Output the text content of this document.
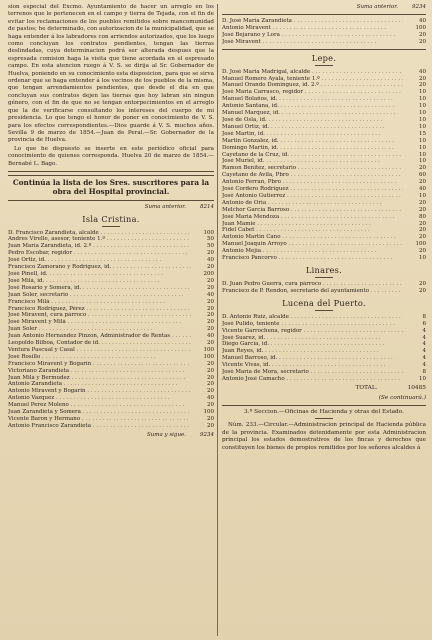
sion especial del Excmo. Ayuntamiento de hacer un arreglo en los terrenos que le pertenecen en el campo y tierra de Tejada, con el fin de evitar los reclamaciones de los pueblos remitidos sobre mancomunidad de pastos; he determinado, con autorizacion de la municipalidad, que se haga entender á los labradores con arriendos autorizados, que los luego como concluyan los contratos pendientes, tengan las tierras deslindadas, cuya determinacion podrá ser alterada despues que la espresada comision haga la visita que tiene acordada en el espresado campo. En esta atencion ruego á V. S. se dirija al Sr. Gobernador de Huelva, poniendo en su conocimiento esta disposicion, para que se sirva ordenar que se haga entender á los vecinos de los pueblos de la misma, que tengan arrendamientos pendientes, que desde el dia en que concluyan sus contratos dejen las tierras que hoy labran sin ningun género, con el fin de que no se tengan entorpecimientos en el arreglo que la de verificarse consultando los intereses del cuerpo de mi presidencia. Lo que tengo el honor de poner en conocimiento de V. S. para los efectos correspondientes.—Dios guarde á V. S. muchos años. Sevilla 9 de marzo de 1854.—Juan de Peral.—Sr. Gobernador de la provincia de Huelva.

Lo que he dispuesto se inserte en este periódico oficial para conocimiento de quienes corresponda. Huelva 20 de marzo de 1854.—Bernabé L. Bago.

Continúa la lista de los Sres. suscritores para la obra del Hospital provincial.
Suma anterior.	8214
Isla Cristina.
D. Francisco Zarandieta, alcalde . . .	100
Andres Virelle, asesor, teniente 1.º . . .	50
Juan Maria Zarandieta, id. 2.º . . .	50
Pedro Escobar, regidor . . .	20
José Ortiz, id. . . .	40
Francisco Zamorano y Rodriguez, id. . . .	20
José Pinell, id. . . .	200
José Milá, id. . . .	20
José Rosario y Somera, id. . . .	20
Juan Soler, secretario . . .	40
Francisco Milá . . .	20
Francisco Rodriguez, Pérez . . .	20
José Miravent, cura párroco . . .	20
José Miravent y Milá . . .	20
Juan Soler . . .	20
Juan Antonio Hernandez Pinzon, Administrador de Rentas . . .	40
Leopoldo Bilboa, Contador de id. . . .	20
Ventura Pascual y Casal . . .	100
José Rosillo . . .	100
Francisco Miravent y Bogarin . . .	20
Victoriano Zarandieta . . .	20
Juan Milá y Bermudez . . .	20
Antonio Zarandieta . . .	20
Antonio Miravent y Bogarin . . .	20
Antonio Vazquez . . .	40
Manuel Perez Moleno . . .	20
Juan Zarandieta y Somera . . .	100
Vicente Baron y Hermano . . .	20
Antonio Francisco Zarandieta . . .	20
Suma y sigue.	9234
Suma anterior.	9234
D. José Maria Zarandieta . . .	40
Antonio Miravent . . .	100
José Bejarano y Lora . . .	20
José Miravent . . .	20
Lepe.
D. José Maria Madrigal, alcalde . . .	40
Manuel Romero Ayala, teniente 1.º . . .	20
Manuel Orando Dominguez, id. 2.º . . .	20
José Maria Carrasco, regidor . . .	10
Manuel Bolaños, id. . . .	10
Antonio Santana, id. . . .	10
Manuel Marquez, id. . . .	10
José de Osla, id. . . .	10
Manuel Ortiz, id. . . .	10
José Martin, id. . . .	15
Martin Gonzalez, id. . . .	10
Domingo Martin, id. . . .	10
Cayetano de la Cruz, id. . . .	10
José Muriel, id. . . .	10
Ramon Benitez, secretario . . .	20
Cayetano de Ávila, Pbro . . .	60
Antonio Ferran, Pbro . . .	20
José Cordero Rodriguez . . .	40
José Antonio Gutierrez . . .	10
Antonio de Oria . . .	20
Melchor Garcia Barroso . . .	20
José Maria Mendoza . . .	80
Juan Mamie . . .	20
Fidel Cabet . . .	20
Antonio Martin Cano . . .	20
Manuel Joaquin Arroyo . . .	100
Antonio Mejía . . .	20
Francisco Pancorvo . . .	10
Linares.
D. Juan Pedro Guerra, cura párroco . . .	20
Francisco de P. Rendon, secretario del ayuntamiento . . .	20
Lucena del Puerto.
D. Antonio Ruiz, alcalde . . .	8
José Pulido, teniente . . .	6
Vicente Garrochena, regidor . . .	4
José Suarez, id. . . .	4
Diego Garcia, id. . . .	4
Juan Reyes, id. . . .	4
Manuel Barroso, id. . . .	4
Vicente Vivas, id. . . .	4
José María de Mora, secretario . . .	8
Antonio José Camacho . . .	10
TOTAL.	10485
(Se continuará.)
3.ª Seccion.—Oficinas de Hacienda y otras del Estado.

Núm. 233.—Circular.—Administracion principal de Hacienda pública de la provincia. Examinados detenidamente por esta Administracion principal los estados demostrativos de los fincas y derechos que constituyen los bienes de propios remitidos por los señores alcaldes á
